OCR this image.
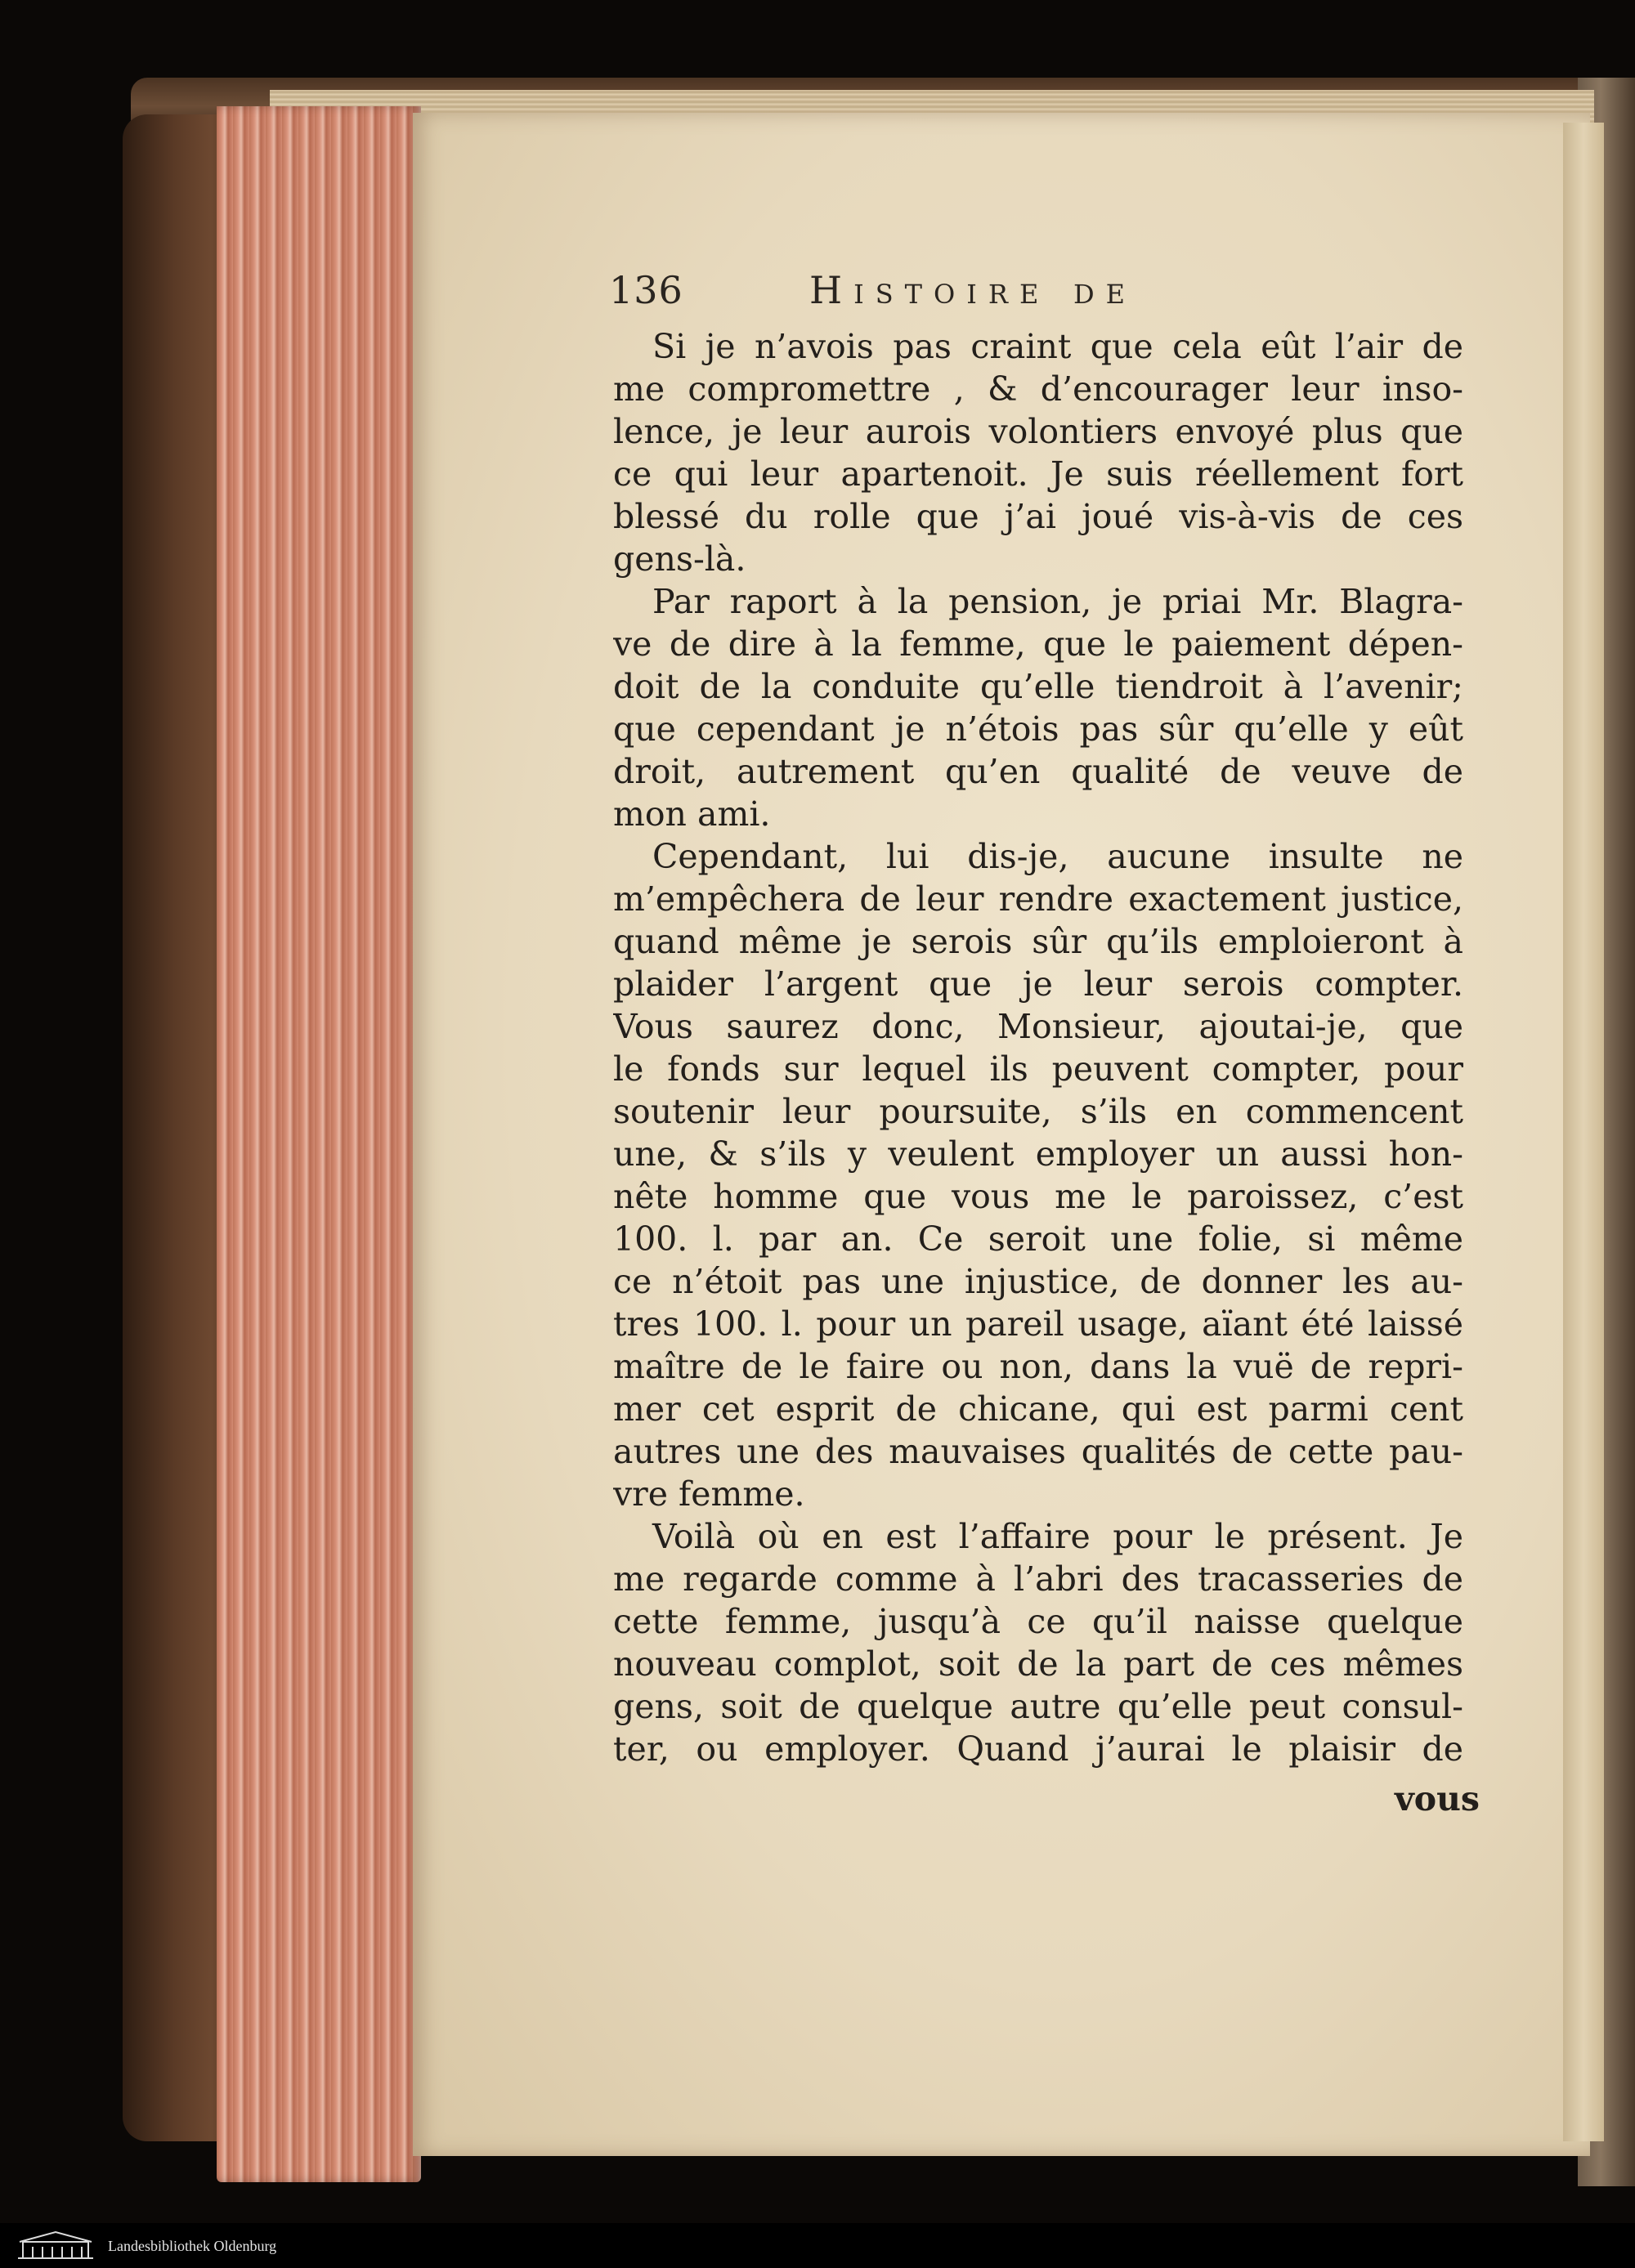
136	Histoire de
Si je n’avois pas craint que cela eût l’air de
me compromettre , & d’encourager leur inso-
lence, je leur aurois volontiers envoyé plus que
ce qui leur apartenoit. Je suis réellement fort
blessé du rolle que j’ai joué vis-à-vis de ces
gens-là.
Par raport à la pension, je priai Mr. Blagra-
ve de dire à la femme, que le paiement dépen-
doit de la conduite qu’elle tiendroit à l’avenir;
que cependant je n’étois pas sûr qu’elle y eût
droit, autrement qu’en qualité de veuve de
mon ami.
Cependant, lui dis-je, aucune insulte ne
m’empêchera de leur rendre exactement justice,
quand même je serois sûr qu’ils emploieront à
plaider l’argent que je leur serois compter.
Vous saurez donc, Monsieur, ajoutai-je, que
le fonds sur lequel ils peuvent compter, pour
soutenir leur poursuite, s’ils en commencent
une, & s’ils y veulent employer un aussi hon-
nête homme que vous me le paroissez, c’est
100. l. par an. Ce seroit une folie, si même
ce n’étoit pas une injustice, de donner les au-
tres 100. l. pour un pareil usage, aïant été laissé
maître de le faire ou non, dans la vuë de repri-
mer cet esprit de chicane, qui est parmi cent
autres une des mauvaises qualités de cette pau-
vre femme.
Voilà où en est l’affaire pour le présent. Je
me regarde comme à l’abri des tracasseries de
cette femme, jusqu’à ce qu’il naisse quelque
nouveau complot, soit de la part de ces mêmes
gens, soit de quelque autre qu’elle peut consul-
ter, ou employer. Quand j’aurai le plaisir de
vous
Landesbibliothek Oldenburg
